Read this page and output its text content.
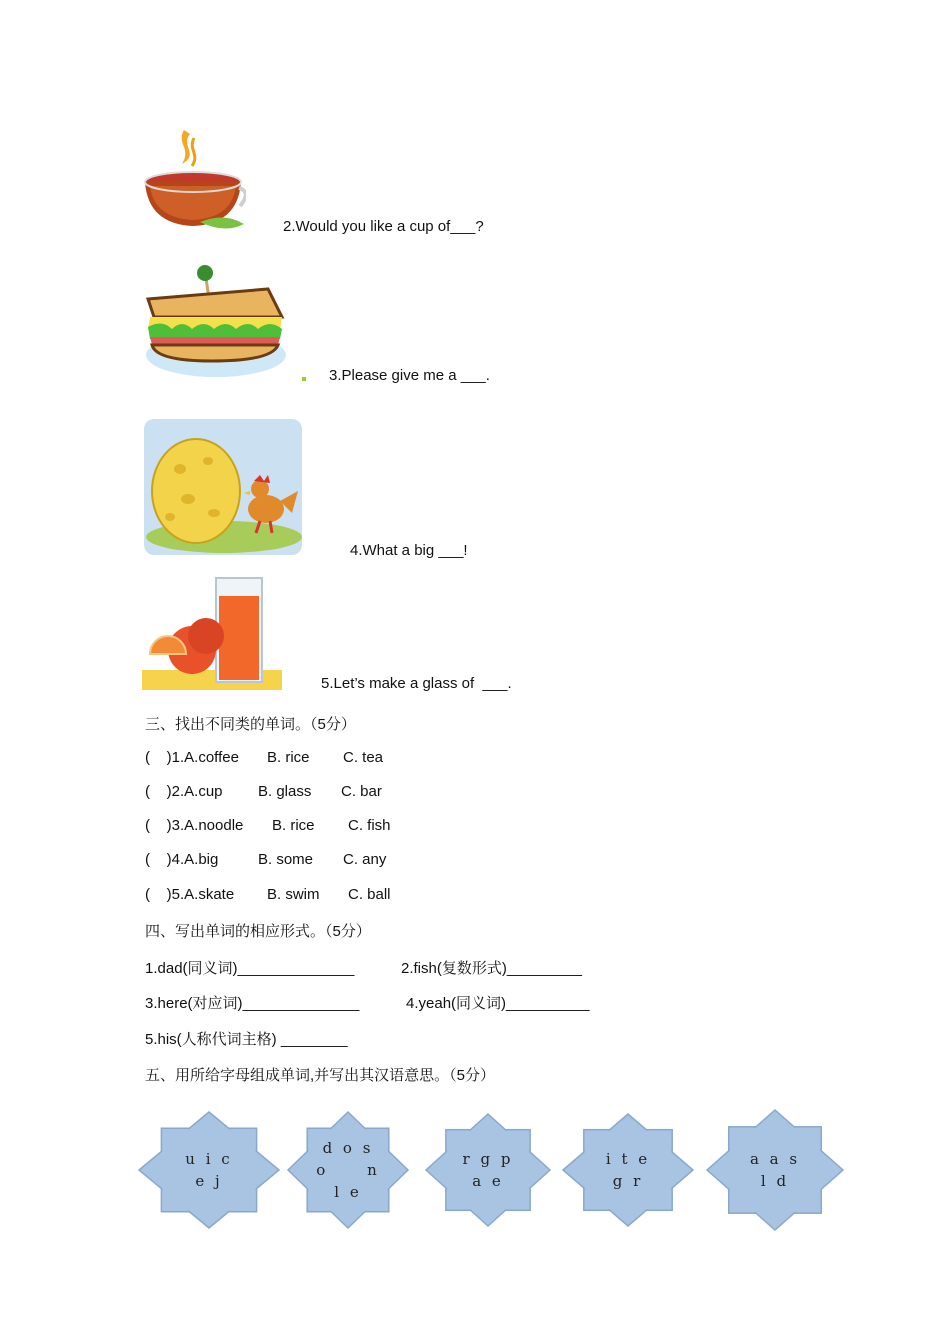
2.Would you like a cup of___?
3.Please give me a ___.
4.What a big ___!
5.Let’s make a glass of  ___.
三、找出不同类的单词。（5分）
(    )1.A.coffee B. rice C. tea
(    )2.A.cup B. glass C. bar
(    )3.A.noodle B. rice C. fish
(    )4.A.big	B. some C. any
(    )5.A.skate B. swim C. ball
四、写出单词的相应形式。（5分）
1.dad(同义词)______________	2.fish(复数形式)_________
3.here(对应词)______________	4.yeah(同义词)__________
5.his(人称代词主格) ________
五、用所给字母组成单词,并写出其汉语意思。（5分）
u i c
e j
d o s
o     n
l e
r g p
a e
i t e
g r
a a s
l d
